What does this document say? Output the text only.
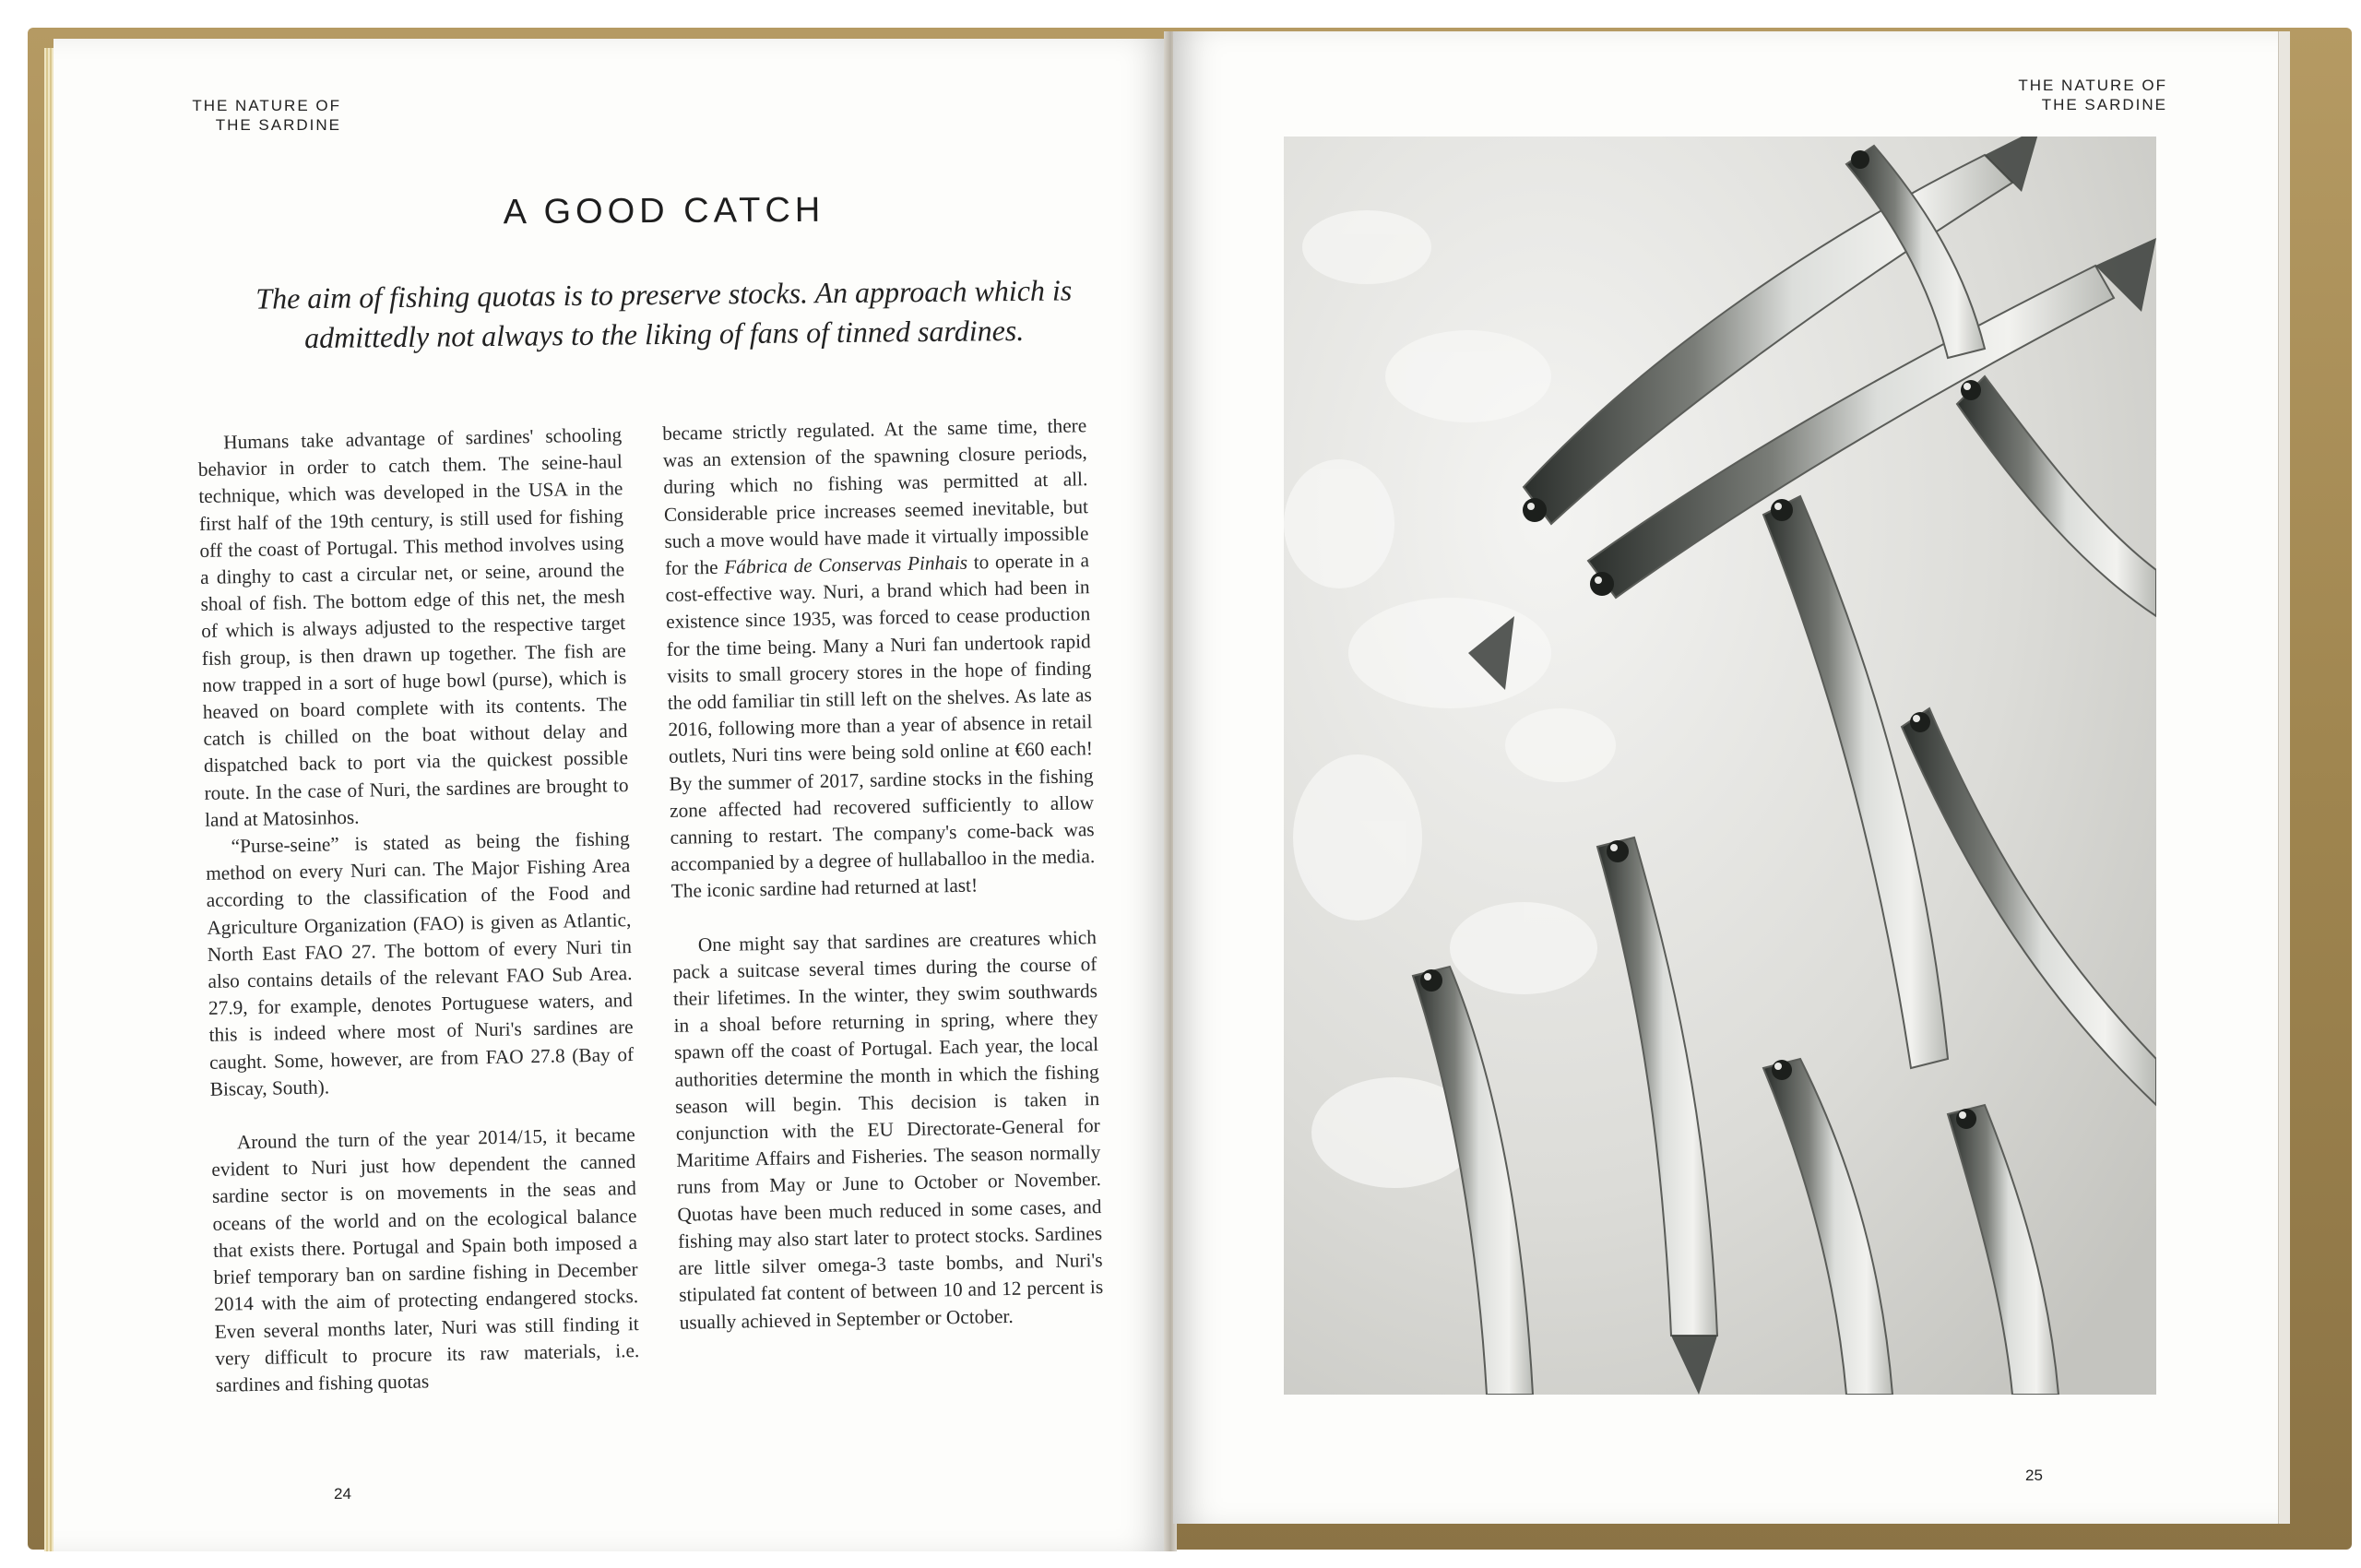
THE NATURE OF
THE SARDINE
A GOOD CATCH
The aim of fishing quotas is to preserve stocks. An approach which is admittedly not always to the liking of fans of tinned sardines.

Humans take advantage of sardines' schooling behavior in order to catch them. The seine-haul technique, which was developed in the USA in the first half of the 19th century, is still used for fishing off the coast of Portugal. This method involves using a dinghy to cast a circular net, or seine, around the shoal of fish. The bottom edge of this net, the mesh of which is always adjusted to the respective target fish group, is then drawn up together. The fish are now trapped in a sort of huge bowl (purse), which is heaved on board complete with its contents. The catch is chilled on the boat without delay and dispatched back to port via the quickest possible route. In the case of Nuri, the sardines are brought to land at Matosinhos.

“Purse-seine” is stated as being the fishing method on every Nuri can. The Major Fishing Area according to the classification of the Food and Agriculture Organization (FAO) is given as Atlantic, North East FAO 27. The bottom of every Nuri tin also contains details of the relevant FAO Sub Area. 27.9, for example, denotes Portuguese waters, and this is indeed where most of Nuri's sardines are caught. Some, however, are from FAO 27.8 (Bay of Biscay, South).

Around the turn of the year 2014/15, it became evident to Nuri just how dependent the canned sardine sector is on movements in the seas and oceans of the world and on the ecological balance that exists there. Portugal and Spain both imposed a brief temporary ban on sardine fishing in December 2014 with the aim of protecting endangered stocks. Even several months later, Nuri was still finding it very difficult to procure its raw materials, i.e. sardines and fishing quotas

became strictly regulated. At the same time, there was an extension of the spawning closure periods, during which no fishing was permitted at all. Considerable price increases seemed inevitable, but such a move would have made it virtually impossible for the Fábrica de Conservas Pinhais to operate in a cost-effective way. Nuri, a brand which had been in existence since 1935, was forced to cease production for the time being. Many a Nuri fan undertook rapid visits to small grocery stores in the hope of finding the odd familiar tin still left on the shelves. As late as 2016, following more than a year of absence in retail outlets, Nuri tins were being sold online at €60 each! By the summer of 2017, sardine stocks in the fishing zone affected had recovered sufficiently to allow canning to restart. The company's come-back was accompanied by a degree of hullaballoo in the media. The iconic sardine had returned at last!

One might say that sardines are creatures which pack a suitcase several times during the course of their lifetimes. In the winter, they swim southwards in a shoal before returning in spring, where they spawn off the coast of Portugal. Each year, the local authorities determine the month in which the fishing season will begin. This decision is taken in conjunction with the EU Directorate-General for Maritime Affairs and Fisheries. The season normally runs from May or June to October or November. Quotas have been much reduced in some cases, and fishing may also start later to protect stocks. Sardines are little silver omega-3 taste bombs, and Nuri's stipulated fat content of between 10 and 12 percent is usually achieved in September or October.

24
THE NATURE OF
THE SARDINE
25
